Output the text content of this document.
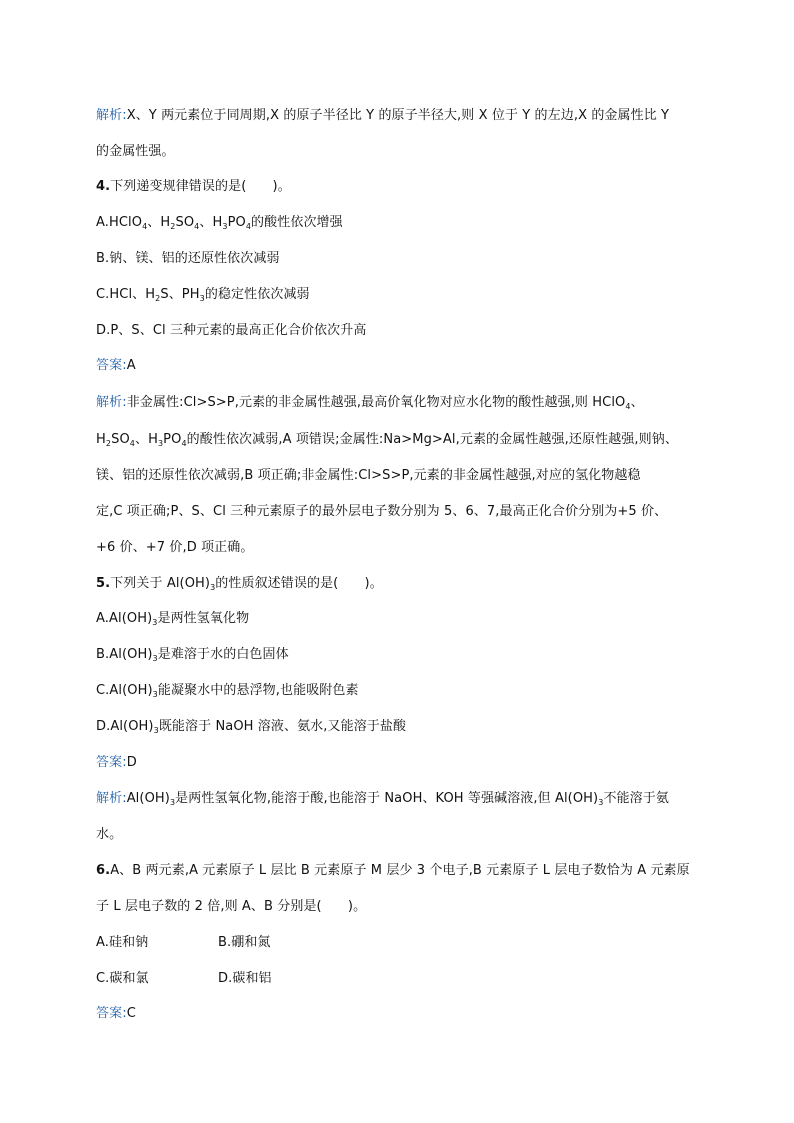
解析:X、Y 两元素位于同周期,X 的原子半径比 Y 的原子半径大,则 X 位于 Y 的左边,X 的金属性比 Y
的金属性强。
4.下列递变规律错误的是(　　)。
A.HClO$_4$、$H_2SO_4$、$H_3PO_4$的酸性依次增强
B.钠、镁、铝的还原性依次减弱
C.HCl、$H_2S$、$PH_3$的稳定性依次减弱
D.P、S、Cl 三种元素的最高正化合价依次升高
答案:A
解析:非金属性:Cl>S>P,元素的非金属性越强,最高价氧化物对应水化物的酸性越强,则 HClO$_4$、
$H_2SO_4$、$H_3PO_4$的酸性依次减弱,A 项错误;金属性:Na>Mg>Al,元素的金属性越强,还原性越强,则钠、
镁、铝的还原性依次减弱,B 项正确;非金属性:Cl>S>P,元素的非金属性越强,对应的氢化物越稳
定,C 项正确;P、S、Cl 三种元素原子的最外层电子数分别为 5、6、7,最高正化合价分别为+5 价、
+6 价、+7 价,D 项正确。
5.下列关于 $Al(OH)_3$的性质叙述错误的是(　　)。
$A.Al(OH)_3$是两性氢氧化物
$B.Al(OH)_3$是难溶于水的白色固体
$C.Al(OH)_3$能凝聚水中的悬浮物,也能吸附色素
$D.Al(OH)_3$既能溶于 NaOH 溶液、氨水,又能溶于盐酸
答案:D
解析$:Al(OH)_3$是两性氢氧化物,能溶于酸,也能溶于 NaOH、KOH 等强碱溶液,但 $Al(OH)_3$不能溶于氨
水。
6.A、B 两元素,A 元素原子 L 层比 B 元素原子 M 层少 3 个电子,B 元素原子 L 层电子数恰为 A 元素原
子 L 层电子数的 2 倍,则 A、B 分别是(　　)。
A.硅和钠	B.硼和氮
C.碳和氯	D.碳和铝
答案:C
